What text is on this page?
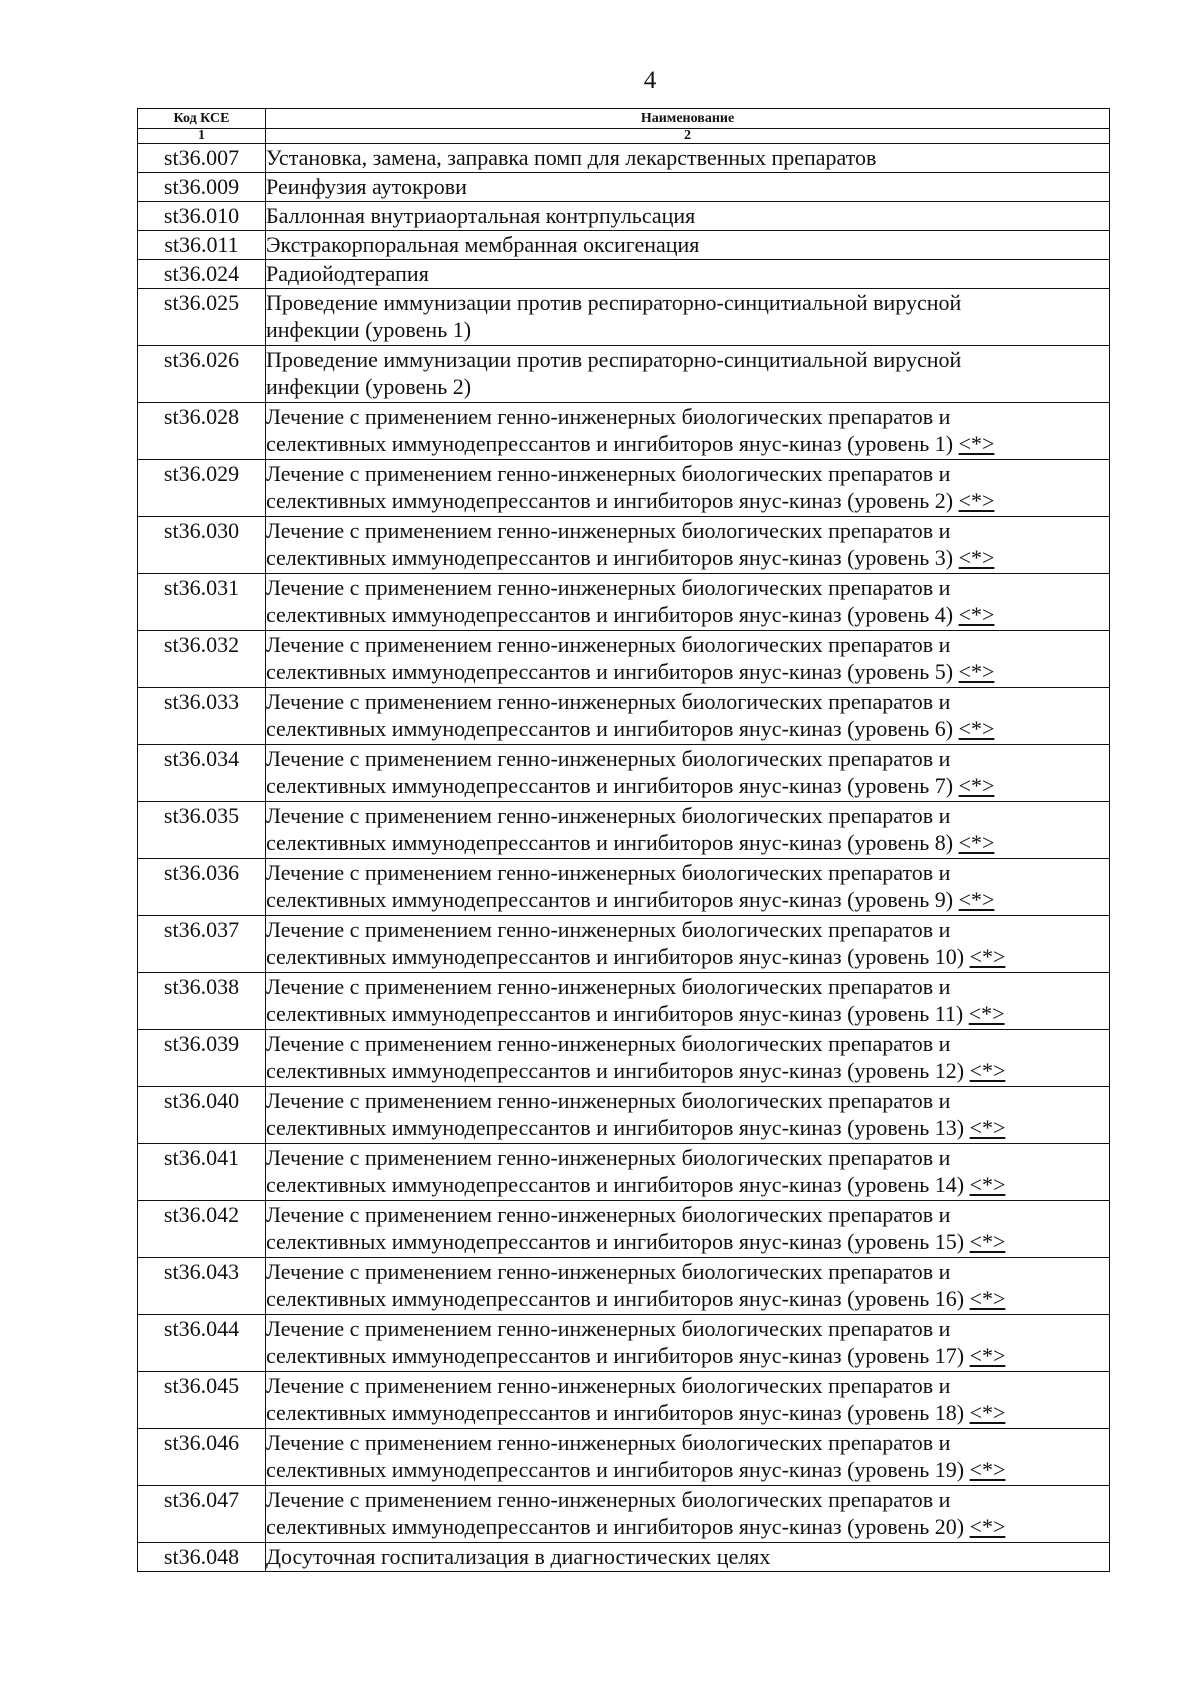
4
Код КСЕ	Наименование
1	2
st36.007	Установка, замена, заправка помп для лекарственных препаратов

st36.009	Реинфузия аутокрови

st36.010	Баллонная внутриаортальная контрпульсация

st36.011	Экстракорпоральная мембранная оксигенация

st36.024	Радиойодтерапия

st36.025	Проведение иммунизации против респираторно-синцитиальной вирусной
инфекции (уровень 1)

st36.026	Проведение иммунизации против респираторно-синцитиальной вирусной
инфекции (уровень 2)

st36.028	Лечение с применением генно-инженерных биологических препаратов и
селективных иммунодепрессантов и ингибиторов янус-киназ (уровень 1) <*>

st36.029	Лечение с применением генно-инженерных биологических препаратов и
селективных иммунодепрессантов и ингибиторов янус-киназ (уровень 2) <*>

st36.030	Лечение с применением генно-инженерных биологических препаратов и
селективных иммунодепрессантов и ингибиторов янус-киназ (уровень 3) <*>

st36.031	Лечение с применением генно-инженерных биологических препаратов и
селективных иммунодепрессантов и ингибиторов янус-киназ (уровень 4) <*>

st36.032	Лечение с применением генно-инженерных биологических препаратов и
селективных иммунодепрессантов и ингибиторов янус-киназ (уровень 5) <*>

st36.033	Лечение с применением генно-инженерных биологических препаратов и
селективных иммунодепрессантов и ингибиторов янус-киназ (уровень 6) <*>

st36.034	Лечение с применением генно-инженерных биологических препаратов и
селективных иммунодепрессантов и ингибиторов янус-киназ (уровень 7) <*>

st36.035	Лечение с применением генно-инженерных биологических препаратов и
селективных иммунодепрессантов и ингибиторов янус-киназ (уровень 8) <*>

st36.036	Лечение с применением генно-инженерных биологических препаратов и
селективных иммунодепрессантов и ингибиторов янус-киназ (уровень 9) <*>

st36.037	Лечение с применением генно-инженерных биологических препаратов и
селективных иммунодепрессантов и ингибиторов янус-киназ (уровень 10) <*>

st36.038	Лечение с применением генно-инженерных биологических препаратов и
селективных иммунодепрессантов и ингибиторов янус-киназ (уровень 11) <*>

st36.039	Лечение с применением генно-инженерных биологических препаратов и
селективных иммунодепрессантов и ингибиторов янус-киназ (уровень 12) <*>

st36.040	Лечение с применением генно-инженерных биологических препаратов и
селективных иммунодепрессантов и ингибиторов янус-киназ (уровень 13) <*>

st36.041	Лечение с применением генно-инженерных биологических препаратов и
селективных иммунодепрессантов и ингибиторов янус-киназ (уровень 14) <*>

st36.042	Лечение с применением генно-инженерных биологических препаратов и
селективных иммунодепрессантов и ингибиторов янус-киназ (уровень 15) <*>

st36.043	Лечение с применением генно-инженерных биологических препаратов и
селективных иммунодепрессантов и ингибиторов янус-киназ (уровень 16) <*>

st36.044	Лечение с применением генно-инженерных биологических препаратов и
селективных иммунодепрессантов и ингибиторов янус-киназ (уровень 17) <*>

st36.045	Лечение с применением генно-инженерных биологических препаратов и
селективных иммунодепрессантов и ингибиторов янус-киназ (уровень 18) <*>

st36.046	Лечение с применением генно-инженерных биологических препаратов и
селективных иммунодепрессантов и ингибиторов янус-киназ (уровень 19) <*>

st36.047	Лечение с применением генно-инженерных биологических препаратов и
селективных иммунодепрессантов и ингибиторов янус-киназ (уровень 20) <*>

st36.048	Досуточная госпитализация в диагностических целях
